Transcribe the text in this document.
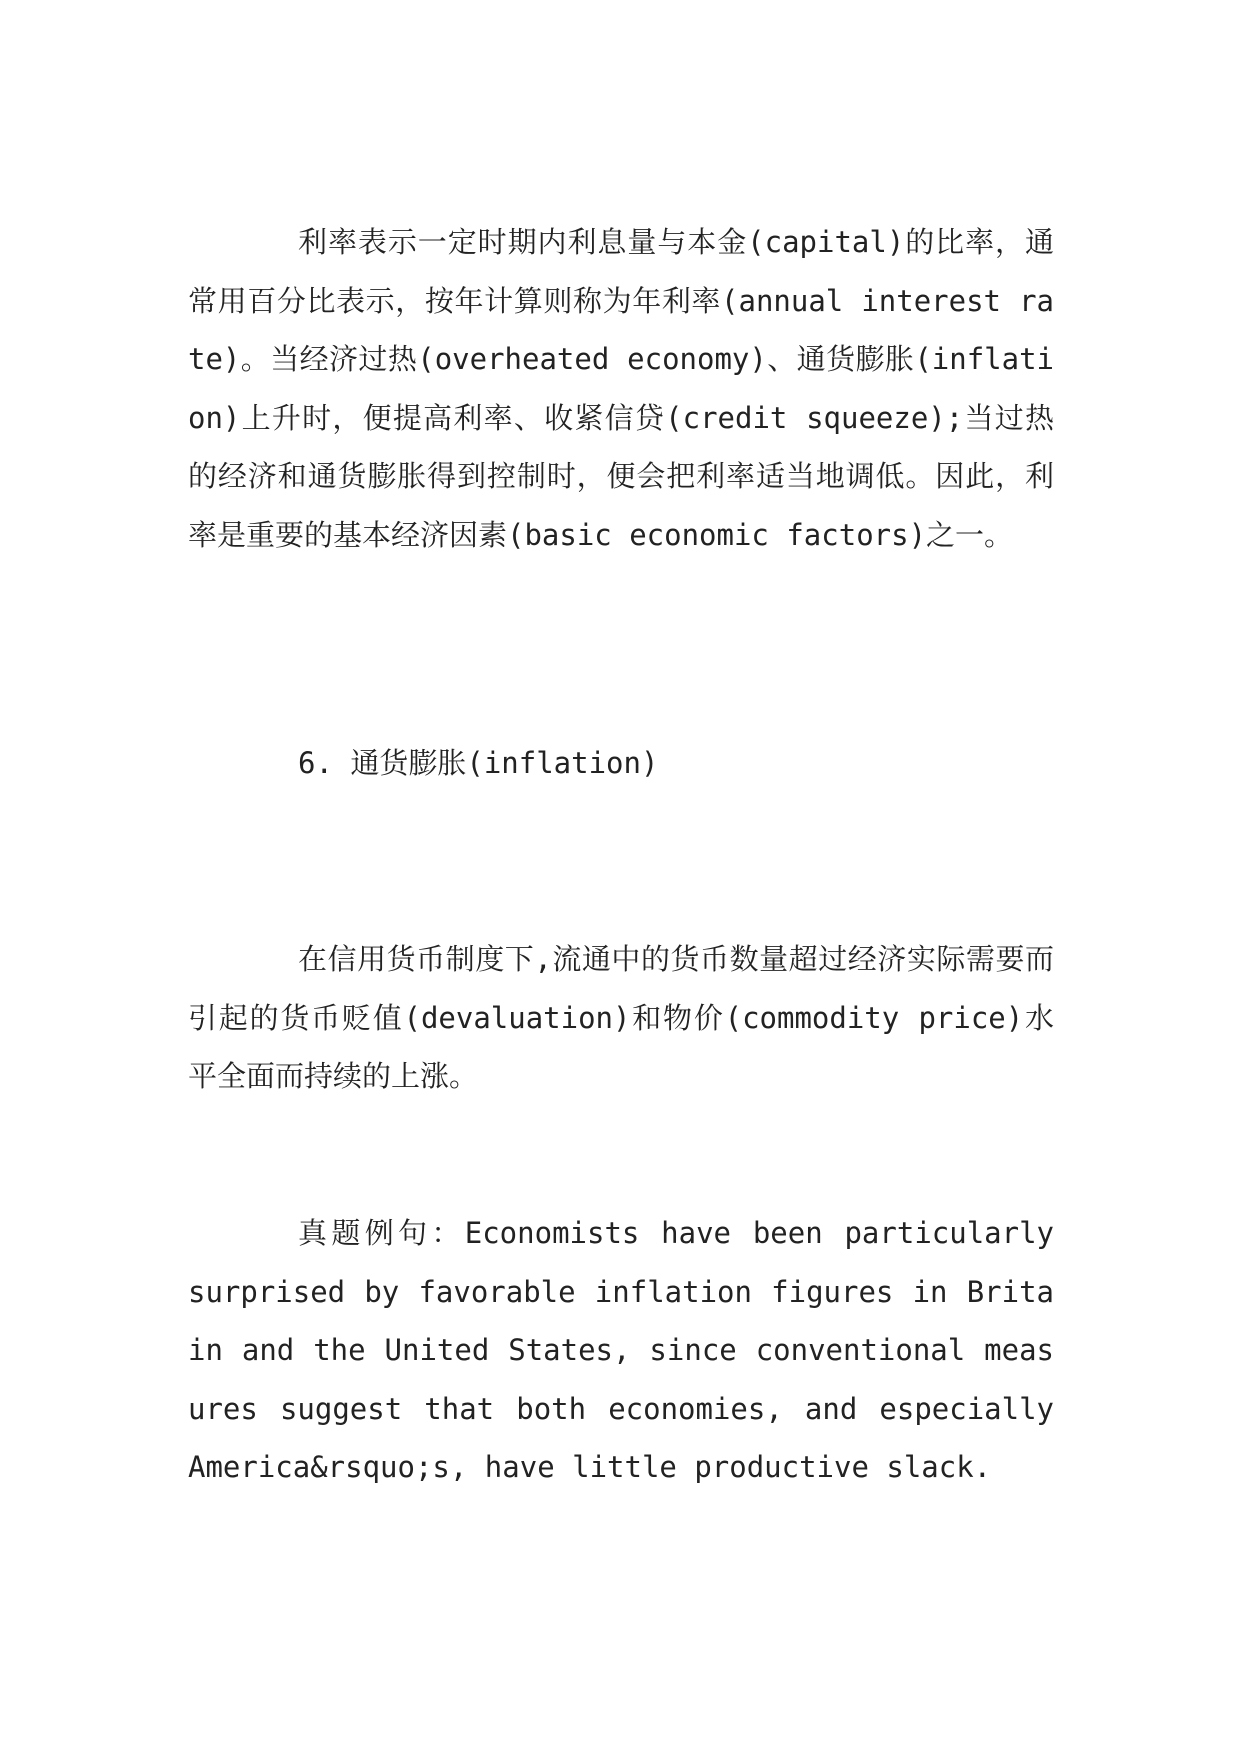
利率表示一定时期内利息量与本金(capital)的比率，通常用百分比表示，按年计算则称为年利率(annual interest rate)。当经济过热(overheated economy)、通货膨胀(inflation)上升时，便提高利率、收紧信贷(credit squeeze);当过热的经济和通货膨胀得到控制时，便会把利率适当地调低。因此，利率是重要的基本经济因素(basic economic factors)之一。

6. 通货膨胀(inflation)

在信用货币制度下,流通中的货币数量超过经济实际需要而引起的货币贬值(devaluation)和物价(commodity price)水平全面而持续的上涨。

真题例句：Economists have been particularly surprised by favorable inflation figures in Britain and the United States, since conventional measures suggest that both economies, and especially America&rsquo;s, have little productive slack.
